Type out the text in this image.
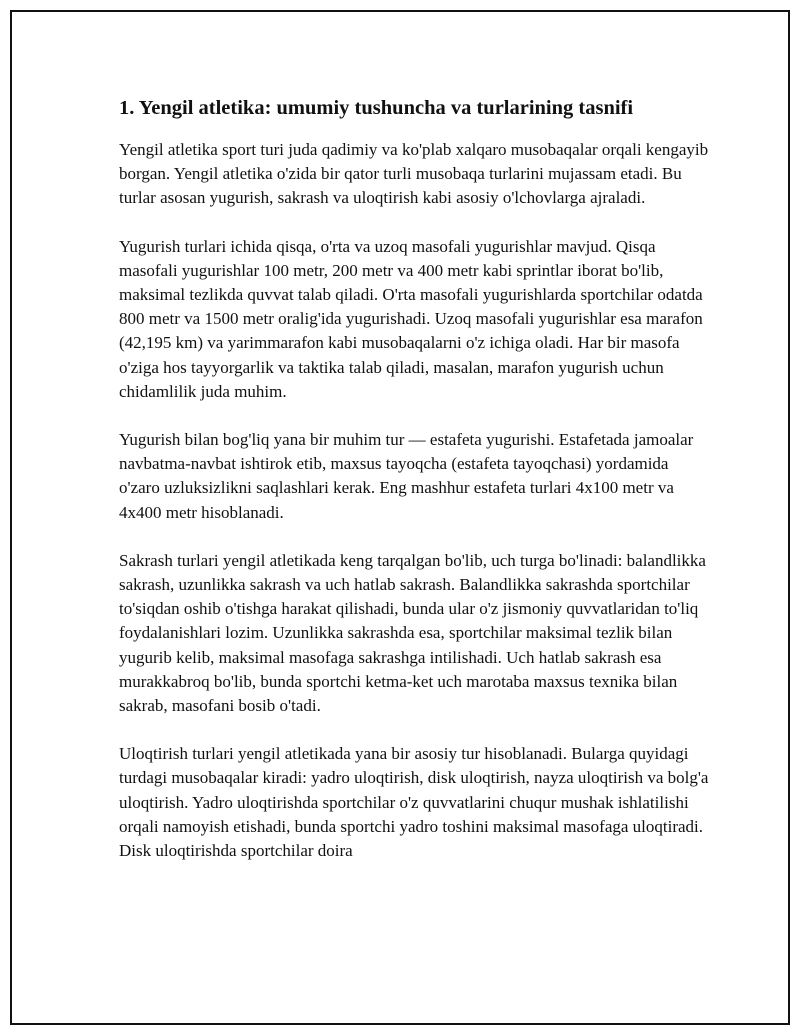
1. Yengil atletika: umumiy tushuncha va turlarining tasnifi

Yengil atletika sport turi juda qadimiy va ko'plab xalqaro musobaqalar orqali kengayib borgan. Yengil atletika o'zida bir qator turli musobaqa turlarini mujassam etadi. Bu turlar asosan yugurish, sakrash va uloqtirish kabi asosiy o'lchovlarga ajraladi.

Yugurish turlari ichida qisqa, o'rta va uzoq masofali yugurishlar mavjud. Qisqa masofali yugurishlar 100 metr, 200 metr va 400 metr kabi sprintlar iborat bo'lib, maksimal tezlikda quvvat talab qiladi. O'rta masofali yugurishlarda sportchilar odatda 800 metr va 1500 metr oralig'ida yugurishadi. Uzoq masofali yugurishlar esa marafon (42,195 km) va yarimmarafon kabi musobaqalarni o'z ichiga oladi. Har bir masofa o'ziga hos tayyorgarlik va taktika talab qiladi, masalan, marafon yugurish uchun chidamlilik juda muhim.

Yugurish bilan bog'liq yana bir muhim tur — estafeta yugurishi. Estafetada jamoalar navbatma-navbat ishtirok etib, maxsus tayoqcha (estafeta tayoqchasi) yordamida o'zaro uzluksizlikni saqlashlari kerak. Eng mashhur estafeta turlari 4x100 metr va 4x400 metr hisoblanadi.

Sakrash turlari yengil atletikada keng tarqalgan bo'lib, uch turga bo'linadi: balandlikka sakrash, uzunlikka sakrash va uch hatlab sakrash. Balandlikka sakrashda sportchilar to'siqdan oshib o'tishga harakat qilishadi, bunda ular o'z jismoniy quvvatlaridan to'liq foydalanishlari lozim. Uzunlikka sakrashda esa, sportchilar maksimal tezlik bilan yugurib kelib, maksimal masofaga sakrashga intilishadi. Uch hatlab sakrash esa murakkabroq bo'lib, bunda sportchi ketma-ket uch marotaba maxsus texnika bilan sakrab, masofani bosib o'tadi.

Uloqtirish turlari yengil atletikada yana bir asosiy tur hisoblanadi. Bularga quyidagi turdagi musobaqalar kiradi: yadro uloqtirish, disk uloqtirish, nayza uloqtirish va bolg'a uloqtirish. Yadro uloqtirishda sportchilar o'z quvvatlarini chuqur mushak ishlatilishi orqali namoyish etishadi, bunda sportchi yadro toshini maksimal masofaga uloqtiradi. Disk uloqtirishda sportchilar doira
